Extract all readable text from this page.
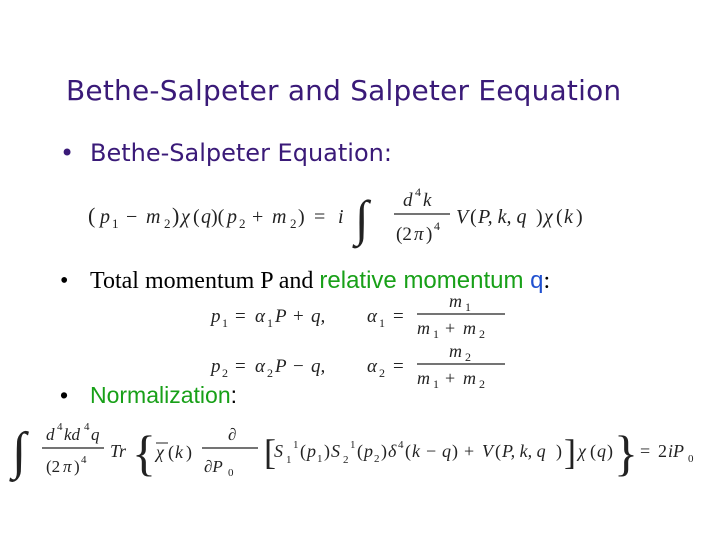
Bethe-Salpeter and Salpeter Eequation
• Bethe-Salpeter Equation:
( p 1 − m 2 ) χ ( q )( p 2 + m 2 ) = i ∫ d 4 k
(2 π ) 4 V ( P, k, q ) χ ( k )
• Total momentum P and relative momentum q:
p 1 = α 1 P + q, α 1 =
m 1
m 1 + m 2
p 2 = α 2 P − q, α 2 =
m 2
m 1 + m 2
• Normalization:
∫ d 4 kd 4 q
(2 π ) 4 Tr { χ ( k )
∂
∂P 0
[
S 1
1 ( p 1 ) S 2
1 ( p 2 ) δ 4 ( k − q ) + V ( P, k, q ) ] χ ( q ) } = 2 iP 0
